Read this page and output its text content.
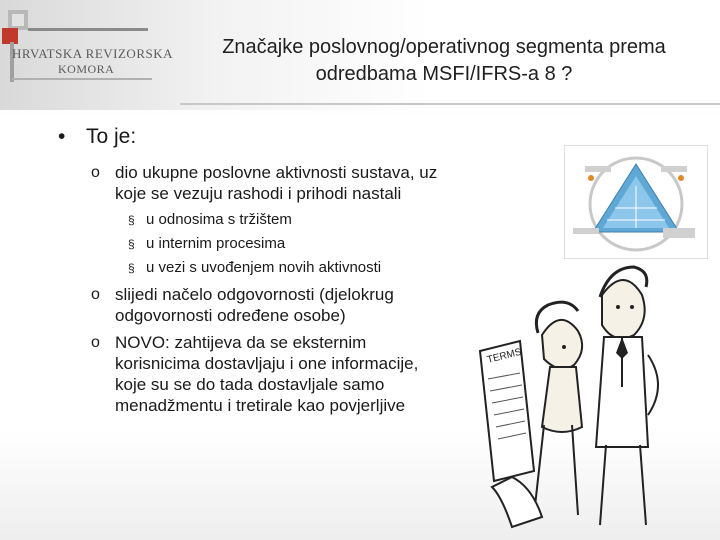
HRVATSKA REVIZORSKA
KOMORA
Značajke poslovnog/operativnog segmenta prema
odredbama MSFI/IFRS-a 8 ?
• To je:
o dio ukupne poslovne aktivnosti sustava, uz koje se vezuju rashodi i prihodi nastali
§ u odnosima s tržištem
§ u internim procesima
§ u vezi s uvođenjem novih aktivnosti
o slijedi načelo odgovornosti (djelokrug odgovornosti određene osobe)
o NOVO: zahtijeva da se eksternim korisnicima dostavljaju i one informacije, koje su se do tada dostavljale samo menadžmentu i tretirale kao povjerljive
TERMS
